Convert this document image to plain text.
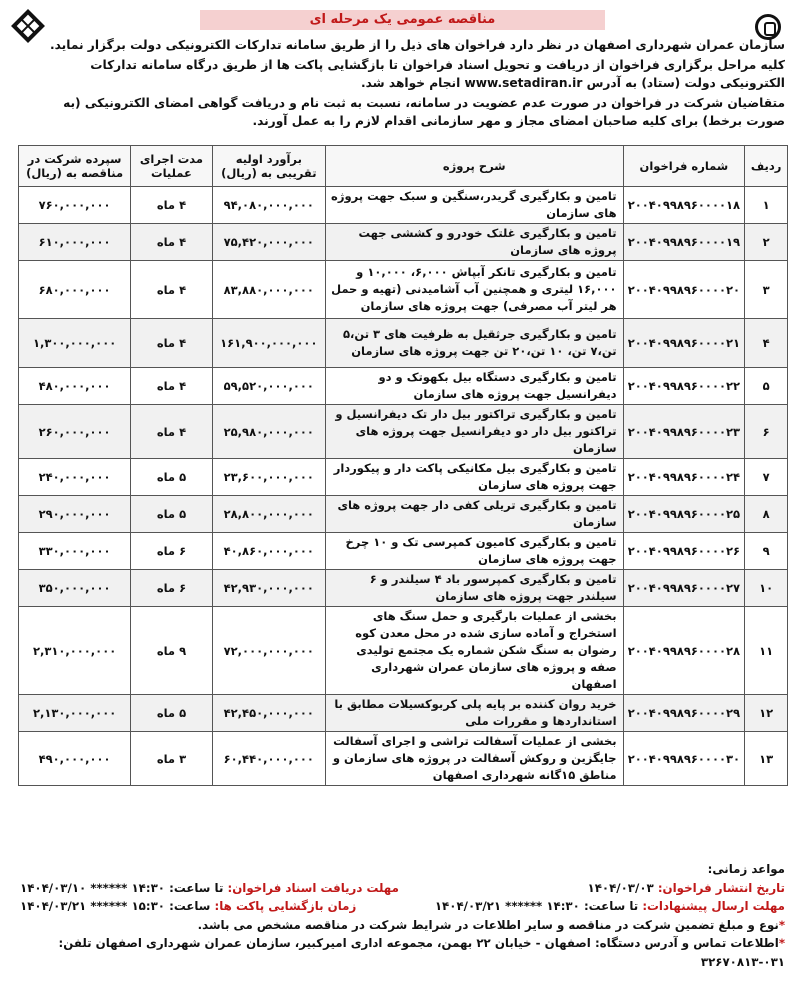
مناقصه عمومی یک مرحله ای

سازمان عمران شهرداری اصفهان در نظر دارد فراخوان های ذیل را از طریق سامانه تدارکات الکترونیکی دولت برگزار نماید.

کلیه مراحل برگزاری فراخوان از دریافت و تحویل اسناد فراخوان تا بازگشایی پاکت ها از طریق درگاه سامانه تدارکات الکترونیکی دولت (ستاد) به آدرس www.setadiran.ir انجام خواهد شد.

متقاضیان شرکت در فراخوان در صورت عدم عضویت در سامانه، نسبت به ثبت نام و دریافت گواهی امضای الکترونیکی (به صورت برخط) برای کلیه صاحبان امضای مجاز و مهر سازمانی اقدام لازم را به عمل آورند.

ردیف	شماره فراخوان	شرح پروژه	برآورد اولیه تقریبی به (ریال)	مدت اجرای عملیات	سپرده شرکت در مناقصه به (ریال)
۱	۲۰۰۴۰۹۹۸۹۶۰۰۰۰۱۸	تامین و بکارگیری گریدر،سنگین و سبک جهت پروژه های سازمان	۹۴,۰۸۰,۰۰۰,۰۰۰	۴ ماه	۷۶۰,۰۰۰,۰۰۰
۲	۲۰۰۴۰۹۹۸۹۶۰۰۰۰۱۹	تامین و بکارگیری غلتک خودرو و کششی جهت پروژه های سازمان	۷۵,۴۲۰,۰۰۰,۰۰۰	۴ ماه	۶۱۰,۰۰۰,۰۰۰
۳	۲۰۰۴۰۹۹۸۹۶۰۰۰۰۲۰	تامین و بکارگیری تانکر آبپاش ۶,۰۰۰، ۱۰,۰۰۰ و ۱۶,۰۰۰ لیتری و همچنین آب آشامیدنی (تهیه و حمل هر لیتر آب مصرفی) جهت پروژه های سازمان	۸۳,۸۸۰,۰۰۰,۰۰۰	۴ ماه	۶۸۰,۰۰۰,۰۰۰
۴	۲۰۰۴۰۹۹۸۹۶۰۰۰۰۲۱	تامین و بکارگیری جرثقیل به ظرفیت های ۳ تن،۵ تن،۷ تن، ۱۰ تن،۲۰ تن جهت پروژه های سازمان	۱۶۱,۹۰۰,۰۰۰,۰۰۰	۴ ماه	۱,۳۰۰,۰۰۰,۰۰۰
۵	۲۰۰۴۰۹۹۸۹۶۰۰۰۰۲۲	تامین و بکارگیری دستگاه بیل بکهوتک و دو دیفرانسیل جهت پروژه های سازمان	۵۹,۵۲۰,۰۰۰,۰۰۰	۴ ماه	۴۸۰,۰۰۰,۰۰۰
۶	۲۰۰۴۰۹۹۸۹۶۰۰۰۰۲۳	تامین و بکارگیری تراکتور بیل دار تک دیفرانسیل و تراکتور بیل دار دو دیفرانسیل جهت پروژه های سازمان	۲۵,۹۸۰,۰۰۰,۰۰۰	۴ ماه	۲۶۰,۰۰۰,۰۰۰
۷	۲۰۰۴۰۹۹۸۹۶۰۰۰۰۲۴	تامین و بکارگیری بیل مکانیکی پاکت دار و پیکوردار جهت پروژه های سازمان	۲۳,۶۰۰,۰۰۰,۰۰۰	۵ ماه	۲۴۰,۰۰۰,۰۰۰
۸	۲۰۰۴۰۹۹۸۹۶۰۰۰۰۲۵	تامین و بکارگیری تریلی کفی دار جهت پروژه های سازمان	۲۸,۸۰۰,۰۰۰,۰۰۰	۵ ماه	۲۹۰,۰۰۰,۰۰۰
۹	۲۰۰۴۰۹۹۸۹۶۰۰۰۰۲۶	تامین و بکارگیری کامیون کمپرسی تک و ۱۰ چرخ جهت پروژه های سازمان	۴۰,۸۶۰,۰۰۰,۰۰۰	۶ ماه	۳۳۰,۰۰۰,۰۰۰
۱۰	۲۰۰۴۰۹۹۸۹۶۰۰۰۰۲۷	تامین و بکارگیری کمپرسور باد ۴ سیلندر و ۶ سیلندر جهت پروژه های سازمان	۴۲,۹۳۰,۰۰۰,۰۰۰	۶ ماه	۳۵۰,۰۰۰,۰۰۰
۱۱	۲۰۰۴۰۹۹۸۹۶۰۰۰۰۲۸	بخشی از عملیات بارگیری و حمل سنگ های استخراج و آماده سازی شده در محل معدن کوه رضوان به سنگ شکن شماره یک مجتمع تولیدی صفه و پروژه های سازمان عمران شهرداری اصفهان	۷۲,۰۰۰,۰۰۰,۰۰۰	۹ ماه	۲,۳۱۰,۰۰۰,۰۰۰
۱۲	۲۰۰۴۰۹۹۸۹۶۰۰۰۰۲۹	خرید روان کننده بر پایه پلی کربوکسیلات مطابق با استانداردها و مقررات ملی	۴۲,۴۵۰,۰۰۰,۰۰۰	۵ ماه	۲,۱۳۰,۰۰۰,۰۰۰
۱۳	۲۰۰۴۰۹۹۸۹۶۰۰۰۰۳۰	بخشی از عملیات آسفالت تراشی و اجرای آسفالت جایگزین و روکش آسفالت در پروژه های سازمان و مناطق ۱۵گانه شهرداری اصفهان	۶۰,۴۴۰,۰۰۰,۰۰۰	۳ ماه	۴۹۰,۰۰۰,۰۰۰
مواعد زمانی:
تاریخ انتشار فراخوان: ۱۴۰۴/۰۳/۰۳
مهلت دریافت اسناد فراخوان: تا ساعت: ۱۴:۳۰ ****** ۱۴۰۴/۰۳/۱۰
مهلت ارسال پیشنهادات: تا ساعت: ۱۴:۳۰ ****** ۱۴۰۴/۰۳/۲۱
زمان بازگشایی پاکت ها: ساعت: ۱۵:۳۰ ****** ۱۴۰۴/۰۳/۲۱
*نوع و مبلغ تضمین شرکت در مناقصه و سایر اطلاعات در شرایط شرکت در مناقصه مشخص می باشد.
*اطلاعات تماس و آدرس دستگاه: اصفهان - خیابان ۲۲ بهمن، مجموعه اداری امیرکبیر، سازمان عمران شهرداری اصفهان تلفن: ۰۳۱-۳۲۶۷۰۸۱۳
